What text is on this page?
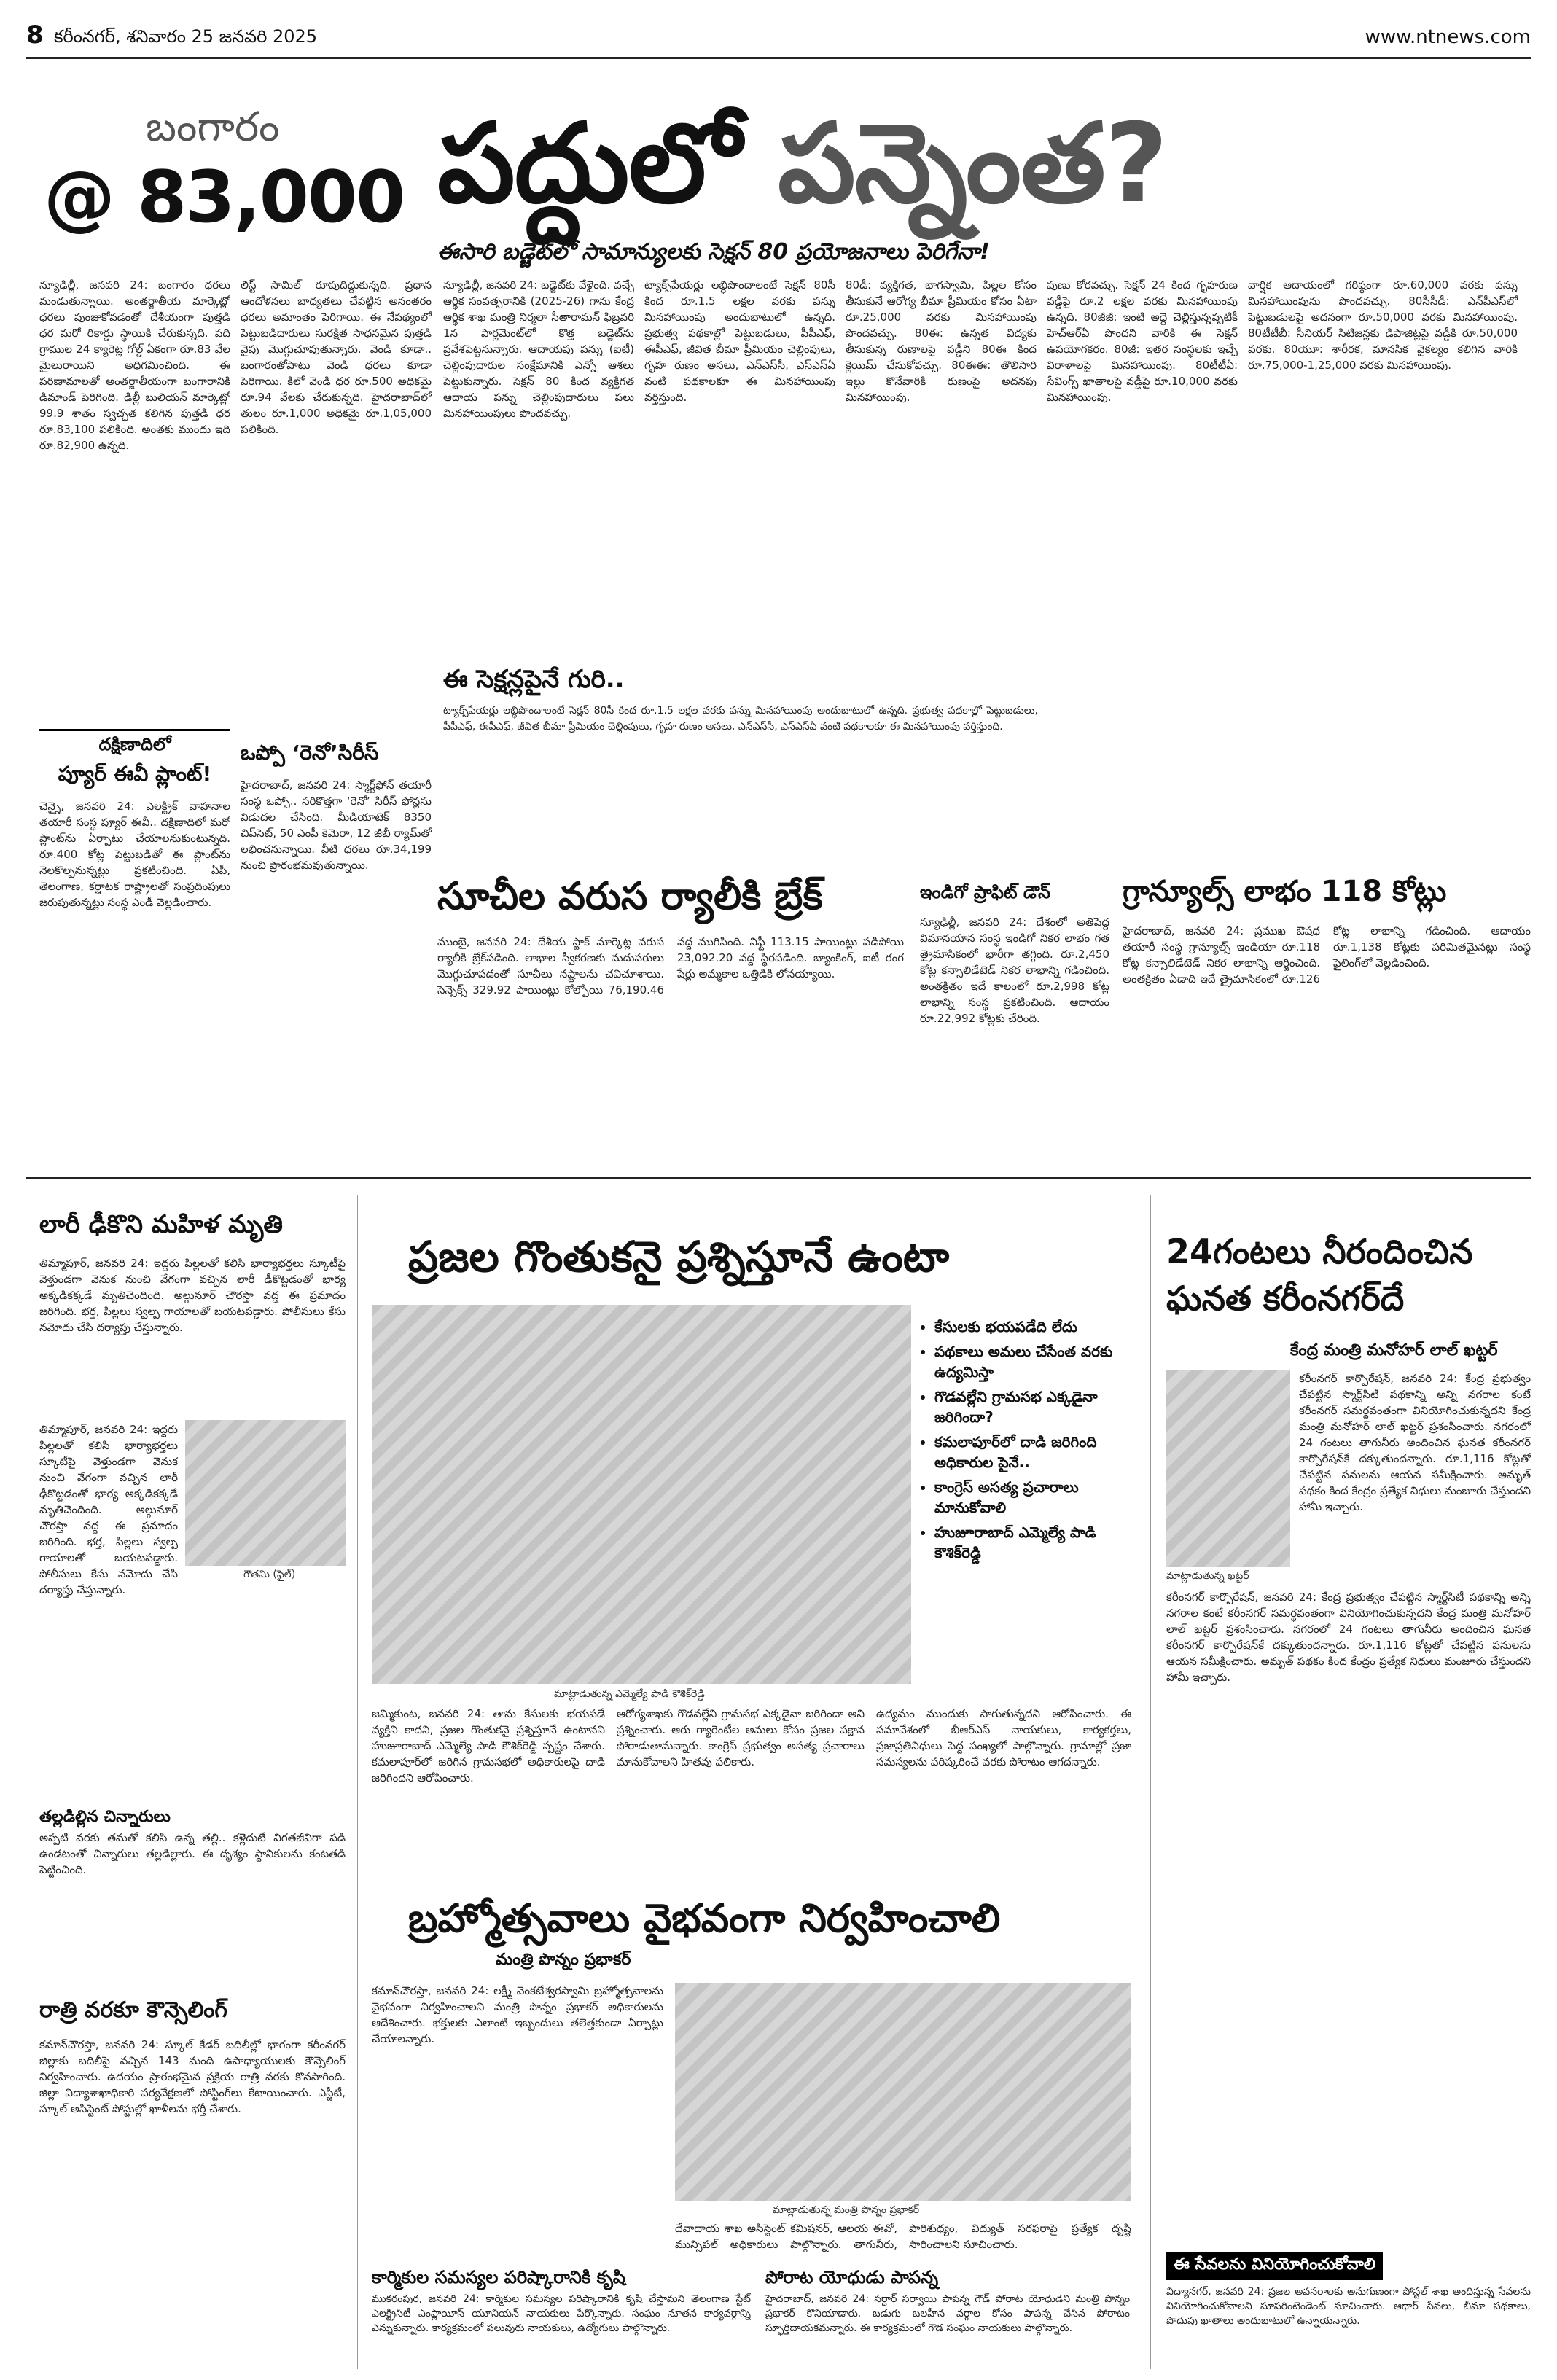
8 కరీంనగర్, శనివారం 25 జనవరి 2025	www.ntnews.com
బంగారం
@ 83,000 పద్దులో పన్నెంత?
ఈసారి బడ్జెట్‌లో సామాన్యులకు సెక్షన్‌ 80 ప్రయోజనాలు పెరిగేనా!
న్యూఢిల్లీ, జనవరి 24: బంగారం ధరలు మండుతున్నాయి. అంతర్జాతీయ మార్కెట్లో ధరలు పుంజుకోవడంతో దేశీయంగా పుత్తడి ధర మరో రికార్డు స్థాయికి చేరుకున్నది. పది గ్రాముల 24 క్యారెట్ల గోల్డ్ ఏకంగా రూ.83 వేల మైలురాయిని అధిగమించింది. ఈ పరిణామాలతో అంతర్జాతీయంగా బంగారానికి డిమాండ్ పెరిగింది. ఢిల్లీ బులియన్ మార్కెట్లో 99.9 శాతం స్వచ్ఛత కలిగిన పుత్తడి ధర రూ.83,100 పలికింది. అంతకు ముందు ఇది రూ.82,900 ఉన్నది.
లిస్ట్ సామిల్ రూపుదిద్దుకున్నది. ప్రధాన ఆందోళనలు బాధ్యతలు చేపట్టిన అనంతరం ధరలు అమాంతం పెరిగాయి. ఈ నేపథ్యంలో పెట్టుబడిదారులు సురక్షిత సాధనమైన పుత్తడి వైపు మొగ్గుచూపుతున్నారు. వెండి కూడా.. బంగారంతోపాటు వెండి ధరలు కూడా పెరిగాయి. కిలో వెండి ధర రూ.500 అధికమై రూ.94 వేలకు చేరుకున్నది. హైదరాబాద్‌లో తులం రూ.1,000 అధికమై రూ.1,05,000 పలికింది.
న్యూఢిల్లీ, జనవరి 24: బడ్జెట్‌కు వేళైంది. వచ్చే ఆర్థిక సంవత్సరానికి (2025-26) గాను కేంద్ర ఆర్థిక శాఖ మంత్రి నిర్మలా సీతారామన్ ఫిబ్రవరి 1న పార్లమెంట్‌లో కొత్త బడ్జెట్‌ను ప్రవేశపెట్టనున్నారు. ఆదాయపు పన్ను (ఐటీ) చెల్లింపుదారుల సంక్షేమానికి ఎన్నో ఆశలు పెట్టుకున్నారు. సెక్షన్ 80 కింద వ్యక్తిగత ఆదాయ పన్ను చెల్లింపుదారులు పలు మినహాయింపులు పొందవచ్చు.
ఈ సెక్షన్లపైనే గురి..
ట్యాక్స్‌పేయర్లు లబ్ధిపొందాలంటే సెక్షన్‌ 80సీ కింద రూ.1.5 లక్షల వరకు పన్ను మినహాయింపు అందుబాటులో ఉన్నది. ప్రభుత్వ పథకాల్లో పెట్టుబడులు, పీపీఎఫ్, ఈపీఎఫ్, జీవిత బీమా ప్రీమియం చెల్లింపులు, గృహ రుణం అసలు, ఎన్‌ఎస్‌సీ, ఎస్‌ఎస్‌ఏ వంటి పథకాలకూ ఈ మినహాయింపు వర్తిస్తుంది.
80డీ: వ్యక్తిగత, భాగస్వామి, పిల్లల కోసం తీసుకునే ఆరోగ్య బీమా ప్రీమియం కోసం ఏటా రూ.25,000 వరకు మినహాయింపు పొందవచ్చు. 80ఈ: ఉన్నత విద్యకు తీసుకున్న రుణాలపై వడ్డీని 80ఈ కింద క్లెయిమ్ చేసుకోవచ్చు. 80ఈఈ: తొలిసారి ఇల్లు కొనేవారికి రుణంపై అదనపు మినహాయింపు.
పుణు కోరవచ్చు. సెక్షన్ 24 కింద గృహరుణ వడ్డీపై రూ.2 లక్షల వరకు మినహాయింపు ఉన్నది. 80జీజీ: ఇంటి అద్దె చెల్లిస్తున్నప్పటికీ హెచ్‌ఆర్‌ఏ పొందని వారికి ఈ సెక్షన్ ఉపయోగకరం. 80జీ: ఇతర సంస్థలకు ఇచ్చే విరాళాలపై మినహాయింపు. 80టీటీఏ: సేవింగ్స్ ఖాతాలపై వడ్డీపై రూ.10,000 వరకు మినహాయింపు.
వార్షిక ఆదాయంలో గరిష్ఠంగా రూ.60,000 వరకు పన్ను మినహాయింపును పొందవచ్చు. 80సీసీడీ: ఎన్‌పీఎస్‌లో పెట్టుబడులపై అదనంగా రూ.50,000 వరకు మినహాయింపు. 80టీటీబీ: సీనియర్ సిటిజన్లకు డిపాజిట్లపై వడ్డీకి రూ.50,000 వరకు. 80యూ: శారీరక, మానసిక వైకల్యం కలిగిన వారికి రూ.75,000-1,25,000 వరకు మినహాయింపు.
ట్యాక్స్‌పేయర్లు లబ్ధిపొందాలంటే సెక్షన్‌ 80సీ కింద రూ.1.5 లక్షల వరకు పన్ను మినహాయింపు అందుబాటులో ఉన్నది. ప్రభుత్వ పథకాల్లో పెట్టుబడులు, పీపీఎఫ్, ఈపీఎఫ్, జీవిత బీమా ప్రీమియం చెల్లింపులు, గృహ రుణం అసలు, ఎన్‌ఎస్‌సీ, ఎస్‌ఎస్‌ఏ వంటి పథకాలకూ ఈ మినహాయింపు వర్తిస్తుంది.
దక్షిణాదిలో
ప్యూర్ ఈవీ ప్లాంట్!
చెన్నై, జనవరి 24: ఎలక్ట్రిక్ వాహనాల తయారీ సంస్థ ప్యూర్ ఈవీ.. దక్షిణాదిలో మరో ప్లాంట్‌ను ఏర్పాటు చేయాలనుకుంటున్నది. రూ.400 కోట్ల పెట్టుబడితో ఈ ప్లాంట్‌ను నెలకొల్పనున్నట్లు ప్రకటించింది. ఏపీ, తెలంగాణ, కర్ణాటక రాష్ట్రాలతో సంప్రదింపులు జరుపుతున్నట్లు సంస్థ ఎండీ వెల్లడించారు.
ఒప్పో ‘రెనో’సిరీస్
హైదరాబాద్, జనవరి 24: స్మార్ట్‌ఫోన్ తయారీ సంస్థ ఒప్పో.. సరికొత్తగా ‘రెనో’ సిరీస్ ఫోన్లను విడుదల చేసింది. మీడియాటెక్ 8350 చిప్‌సెట్, 50 ఎంపీ కెమెరా, 12 జీబీ ర్యామ్‌తో లభించనున్నాయి. వీటి ధరలు రూ.34,199 నుంచి ప్రారంభమవుతున్నాయి.
సూచీల వరుస ర్యాలీకి బ్రేక్
ముంబై, జనవరి 24: దేశీయ స్టాక్ మార్కెట్ల వరుస ర్యాలీకి బ్రేక్‌పడింది. లాభాల స్వీకరణకు మదుపరులు మొగ్గుచూపడంతో సూచీలు నష్టాలను చవిచూశాయి. సెన్సెక్స్ 329.92 పాయింట్లు కోల్పోయి 76,190.46 వద్ద ముగిసింది. నిఫ్టీ 113.15 పాయింట్లు పడిపోయి 23,092.20 వద్ద స్థిరపడింది. బ్యాంకింగ్, ఐటీ రంగ షేర్లు అమ్మకాల ఒత్తిడికి లోనయ్యాయి.
ఇండిగో ప్రాఫిట్ డౌన్
న్యూఢిల్లీ, జనవరి 24: దేశంలో అతిపెద్ద విమానయాన సంస్థ ఇండిగో నికర లాభం గత త్రైమాసికంలో భారీగా తగ్గింది. రూ.2,450 కోట్ల కన్సాలిడేటెడ్ నికర లాభాన్ని గడించింది. అంతక్రితం ఇదే కాలంలో రూ.2,998 కోట్ల లాభాన్ని సంస్థ ప్రకటించింది. ఆదాయం రూ.22,992 కోట్లకు చేరింది.
గ్రాన్యూల్స్ లాభం 118 కోట్లు
హైదరాబాద్, జనవరి 24: ప్రముఖ ఔషధ తయారీ సంస్థ గ్రాన్యూల్స్ ఇండియా రూ.118 కోట్ల కన్సాలిడేటెడ్ నికర లాభాన్ని ఆర్జించింది. అంతక్రితం ఏడాది ఇదే త్రైమాసికంలో రూ.126 కోట్ల లాభాన్ని గడించింది. ఆదాయం రూ.1,138 కోట్లకు పరిమితమైనట్లు సంస్థ ఫైలింగ్‌లో వెల్లడించింది.
లారీ ఢీకొని మహిళ మృతి
తిమ్మాపూర్, జనవరి 24: ఇద్దరు పిల్లలతో కలిసి భార్యాభర్తలు స్కూటీపై వెళ్తుండగా వెనుక నుంచి వేగంగా వచ్చిన లారీ ఢీకొట్టడంతో భార్య అక్కడికక్కడే మృతిచెందింది. అల్గునూర్ చౌరస్తా వద్ద ఈ ప్రమాదం జరిగింది. భర్త, పిల్లలు స్వల్ప గాయాలతో బయటపడ్డారు. పోలీసులు కేసు నమోదు చేసి దర్యాప్తు చేస్తున్నారు.
గౌతమి (ఫైల్)
తిమ్మాపూర్, జనవరి 24: ఇద్దరు పిల్లలతో కలిసి భార్యాభర్తలు స్కూటీపై వెళ్తుండగా వెనుక నుంచి వేగంగా వచ్చిన లారీ ఢీకొట్టడంతో భార్య అక్కడికక్కడే మృతిచెందింది. అల్గునూర్ చౌరస్తా వద్ద ఈ ప్రమాదం జరిగింది. భర్త, పిల్లలు స్వల్ప గాయాలతో బయటపడ్డారు. పోలీసులు కేసు నమోదు చేసి దర్యాప్తు చేస్తున్నారు.
తల్లడిల్లిన చిన్నారులు
అప్పటి వరకు తమతో కలిసి ఉన్న తల్లి.. కళ్లెదుటే విగతజీవిగా పడి ఉండటంతో చిన్నారులు తల్లడిల్లారు. ఈ దృశ్యం స్థానికులను కంటతడి పెట్టించింది.
రాత్రి వరకూ కౌన్సెలింగ్
కమాన్‌చౌరస్తా, జనవరి 24: స్కూల్ కేడర్ బదిలీల్లో భాగంగా కరీంనగర్ జిల్లాకు బదిలీపై వచ్చిన 143 మంది ఉపాధ్యాయులకు కౌన్సెలింగ్ నిర్వహించారు. ఉదయం ప్రారంభమైన ప్రక్రియ రాత్రి వరకు కొనసాగింది. జిల్లా విద్యాశాఖాధికారి పర్యవేక్షణలో పోస్టింగ్‌లు కేటాయించారు. ఎస్జీటీ, స్కూల్ అసిస్టెంట్ పోస్టుల్లో ఖాళీలను భర్తీ చేశారు.
ప్రజల గొంతుకనై ప్రశ్నిస్తూనే ఉంటా
మాట్లాడుతున్న ఎమ్మెల్యే పాడి కౌశిక్‌రెడ్డి
• కేసులకు భయపడేది లేదు
• పథకాలు అమలు చేసేంత వరకు ఉద్యమిస్తా
• గొడవల్లేని గ్రామసభ ఎక్కడైనా జరిగిందా?
• కమలాపూర్‌లో దాడి జరిగింది అధికారుల పైనే..
• కాంగ్రెస్ అసత్య ప్రచారాలు మానుకోవాలి
• హుజూరాబాద్ ఎమ్మెల్యే పాడి కౌశిక్‌రెడ్డి
జమ్మికుంట, జనవరి 24: తాను కేసులకు భయపడే వ్యక్తిని కాదని, ప్రజల గొంతుకనై ప్రశ్నిస్తూనే ఉంటానని హుజూరాబాద్ ఎమ్మెల్యే పాడి కౌశిక్‌రెడ్డి స్పష్టం చేశారు. కమలాపూర్‌లో జరిగిన గ్రామసభలో అధికారులపై దాడి జరిగిందని ఆరోపించారు.
ఆరోగ్యశాఖకు గొడవల్లేని గ్రామసభ ఎక్కడైనా జరిగిందా అని ప్రశ్నించారు. ఆరు గ్యారెంటీల అమలు కోసం ప్రజల పక్షాన పోరాడుతామన్నారు. కాంగ్రెస్ ప్రభుత్వం అసత్య ప్రచారాలు మానుకోవాలని హితవు పలికారు.
ఉద్యమం ముందుకు సాగుతున్నదని ఆరోపించారు. ఈ సమావేశంలో బీఆర్ఎస్ నాయకులు, కార్యకర్తలు, ప్రజాప్రతినిధులు పెద్ద సంఖ్యలో పాల్గొన్నారు. గ్రామాల్లో ప్రజా సమస్యలను పరిష్కరించే వరకు పోరాటం ఆగదన్నారు.
బ్రహ్మోత్సవాలు వైభవంగా నిర్వహించాలి
మంత్రి పొన్నం ప్రభాకర్
కమాన్‌చౌరస్తా, జనవరి 24: లక్ష్మీ వెంకటేశ్వరస్వామి బ్రహ్మోత్సవాలను వైభవంగా నిర్వహించాలని మంత్రి పొన్నం ప్రభాకర్ అధికారులను ఆదేశించారు. భక్తులకు ఎలాంటి ఇబ్బందులు తలెత్తకుండా ఏర్పాట్లు చేయాలన్నారు.
మాట్లాడుతున్న మంత్రి పొన్నం ప్రభాకర్
దేవాదాయ శాఖ అసిస్టెంట్ కమిషనర్, ఆలయ ఈవో, మున్సిపల్ అధికారులు పాల్గొన్నారు. తాగునీరు, పారిశుధ్యం, విద్యుత్ సరఫరాపై ప్రత్యేక దృష్టి సారించాలని సూచించారు.
కార్మికుల సమస్యల పరిష్కారానికి కృషి
ముకరంపుర, జనవరి 24: కార్మికుల సమస్యల పరిష్కారానికి కృషి చేస్తామని తెలంగాణ స్టేట్ ఎలక్ట్రిసిటీ ఎంప్లాయీస్ యూనియన్ నాయకులు పేర్కొన్నారు. సంఘం నూతన కార్యవర్గాన్ని ఎన్నుకున్నారు. కార్యక్రమంలో పలువురు నాయకులు, ఉద్యోగులు పాల్గొన్నారు.
పోరాట యోధుడు పాపన్న
హైదరాబాద్, జనవరి 24: సర్దార్ సర్వాయి పాపన్న గౌడ్ పోరాట యోధుడని మంత్రి పొన్నం ప్రభాకర్ కొనియాడారు. బడుగు బలహీన వర్గాల కోసం పాపన్న చేసిన పోరాటం స్ఫూర్తిదాయకమన్నారు. ఈ కార్యక్రమంలో గౌడ సంఘం నాయకులు పాల్గొన్నారు.
24గంటలు నీరందించిన
ఘనత కరీంనగర్‌దే
కేంద్ర మంత్రి మనోహర్ లాల్ ఖట్టర్
మాట్లాడుతున్న ఖట్టర్
కరీంనగర్ కార్పొరేషన్, జనవరి 24: కేంద్ర ప్రభుత్వం చేపట్టిన స్మార్ట్‌సిటీ పథకాన్ని అన్ని నగరాల కంటే కరీంనగర్ సమర్థవంతంగా వినియోగించుకున్నదని కేంద్ర మంత్రి మనోహర్ లాల్ ఖట్టర్ ప్రశంసించారు. నగరంలో 24 గంటలు తాగునీరు అందించిన ఘనత కరీంనగర్ కార్పొరేషన్‌కే దక్కుతుందన్నారు. రూ.1,116 కోట్లతో చేపట్టిన పనులను ఆయన సమీక్షించారు. అమృత్ పథకం కింద కేంద్రం ప్రత్యేక నిధులు మంజూరు చేస్తుందని హామీ ఇచ్చారు.
కరీంనగర్ కార్పొరేషన్, జనవరి 24: కేంద్ర ప్రభుత్వం చేపట్టిన స్మార్ట్‌సిటీ పథకాన్ని అన్ని నగరాల కంటే కరీంనగర్ సమర్థవంతంగా వినియోగించుకున్నదని కేంద్ర మంత్రి మనోహర్ లాల్ ఖట్టర్ ప్రశంసించారు. నగరంలో 24 గంటలు తాగునీరు అందించిన ఘనత కరీంనగర్ కార్పొరేషన్‌కే దక్కుతుందన్నారు. రూ.1,116 కోట్లతో చేపట్టిన పనులను ఆయన సమీక్షించారు. అమృత్ పథకం కింద కేంద్రం ప్రత్యేక నిధులు మంజూరు చేస్తుందని హామీ ఇచ్చారు.
ఈ సేవలను వినియోగించుకోవాలి
విద్యానగర్, జనవరి 24: ప్రజల అవసరాలకు అనుగుణంగా పోస్టల్ శాఖ అందిస్తున్న సేవలను వినియోగించుకోవాలని సూపరింటెండెంట్ సూచించారు. ఆధార్ సేవలు, బీమా పథకాలు, పొదుపు ఖాతాలు అందుబాటులో ఉన్నాయన్నారు.
